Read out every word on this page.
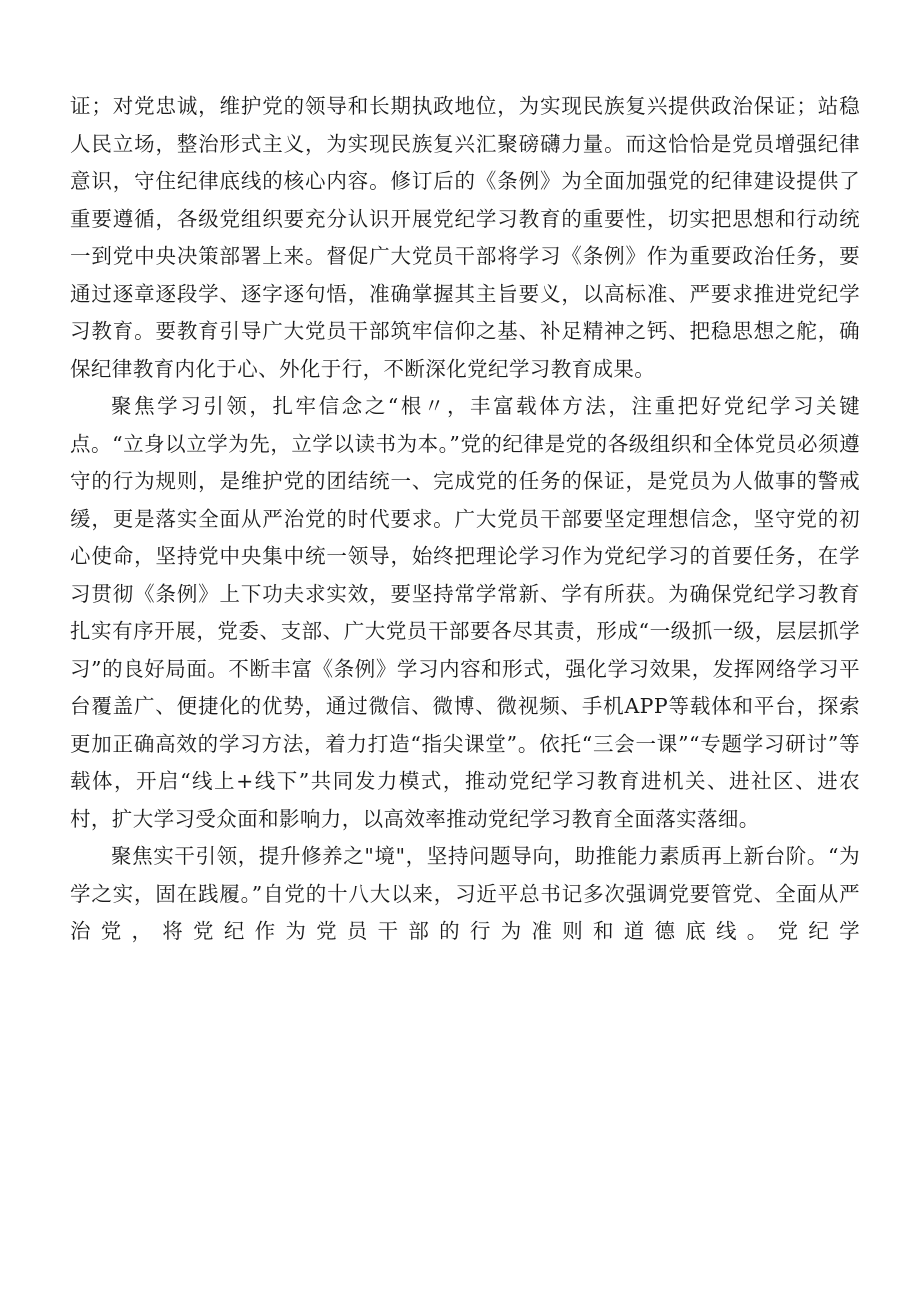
证；对党忠诚，维护党的领导和长期执政地位，为实现民族复兴提供政治保证；站稳人民立场，整治形式主义，为实现民族复兴汇聚磅礴力量。而这恰恰是党员增强纪律意识，守住纪律底线的核心内容。修订后的《条例》为全面加强党的纪律建设提供了重要遵循，各级党组织要充分认识开展党纪学习教育的重要性，切实把思想和行动统一到党中央决策部署上来。督促广大党员干部将学习《条例》作为重要政治任务，要通过逐章逐段学、逐字逐句悟，准确掌握其主旨要义，以高标准、严要求推进党纪学习教育。要教育引导广大党员干部筑牢信仰之基、补足精神之钙、把稳思想之舵，确保纪律教育内化于心、外化于行，不断深化党纪学习教育成果。

聚焦学习引领，扎牢信念之“根〃，丰富载体方法，注重把好党纪学习关键点。“立身以立学为先，立学以读书为本。”党的纪律是党的各级组织和全体党员必须遵守的行为规则，是维护党的团结统一、完成党的任务的保证，是党员为人做事的警戒缓，更是落实全面从严治党的时代要求。广大党员干部要坚定理想信念，坚守党的初心使命，坚持党中央集中统一领导，始终把理论学习作为党纪学习的首要任务，在学习贯彻《条例》上下功夫求实效，要坚持常学常新、学有所获。为确保党纪学习教育扎实有序开展，党委、支部、广大党员干部要各尽其责，形成“一级抓一级，层层抓学习”的良好局面。不断丰富《条例》学习内容和形式，强化学习效果，发挥网络学习平台覆盖广、便捷化的优势，通过微信、微博、微视频、手机APP等载体和平台，探索更加正确高效的学习方法，着力打造“指尖课堂”。依托“三会一课”“专题学习研讨”等载体，开启“线上+线下”共同发力模式，推动党纪学习教育进机关、进社区、进农村，扩大学习受众面和影响力，以高效率推动党纪学习教育全面落实落细。

聚焦实干引领，提升修养之"境"，坚持问题导向，助推能力素质再上新台阶。“为学之实，固在践履。”自党的十八大以来，习近平总书记多次强调党要管党、全面从严治党，将党纪作为党员干部的行为准则和道德底线。党纪学
